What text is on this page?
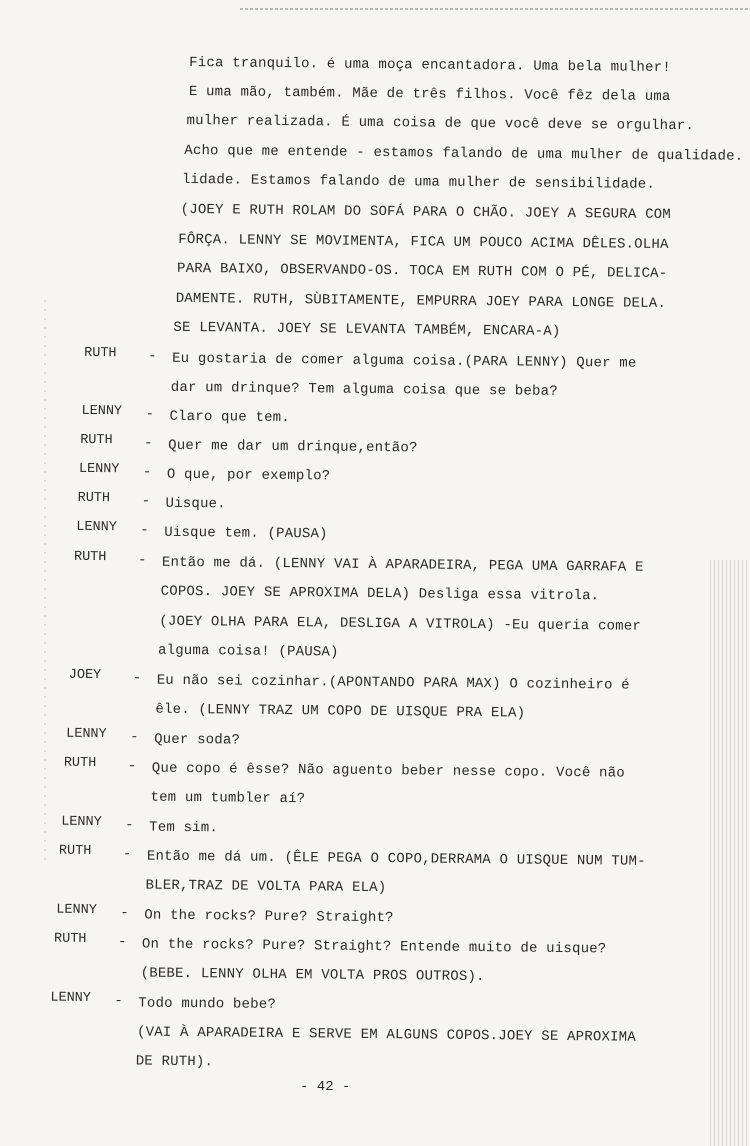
Fica tranquilo. é uma moça encantadora. Uma bela mulher!
E uma mão, também. Mãe de três filhos. Você fêz dela uma
mulher realizada. É uma coisa de que você deve se orgulhar.
Acho que me entende - estamos falando de uma mulher de qualidade.
lidade. Estamos falando de uma mulher de sensibilidade.
(JOEY E RUTH ROLAM DO SOFÁ PARA O CHÃO. JOEY A SEGURA COM
FÔRÇA. LENNY SE MOVIMENTA, FICA UM POUCO ACIMA DÊLES.OLHA
PARA BAIXO, OBSERVANDO-OS. TOCA EM RUTH COM O PÉ, DELICA-
DAMENTE. RUTH, SÙBITAMENTE, EMPURRA JOEY PARA LONGE DELA.
SE LEVANTA. JOEY SE LEVANTA TAMBÉM, ENCARA-A)
RUTH - Eu gostaria de comer alguma coisa.(PARA LENNY) Quer me
dar um drinque? Tem alguma coisa que se beba?
LENNY - Claro que tem.
RUTH - Quer me dar um drinque,então?
LENNY - O que, por exemplo?
RUTH - Uisque.
LENNY - Uisque tem. (PAUSA)
RUTH - Então me dá. (LENNY VAI À APARADEIRA, PEGA UMA GARRAFA E
COPOS. JOEY SE APROXIMA DELA) Desliga essa vitrola.
(JOEY OLHA PARA ELA, DESLIGA A VITROLA) -Eu queria comer
alguma coisa! (PAUSA)
JOEY - Eu não sei cozinhar.(APONTANDO PARA MAX) O cozinheiro é
êle. (LENNY TRAZ UM COPO DE UISQUE PRA ELA)
LENNY - Quer soda?
RUTH - Que copo é êsse? Não aguento beber nesse copo. Você não
tem um tumbler aí?
LENNY - Tem sim.
RUTH - Então me dá um. (ÊLE PEGA O COPO,DERRAMA O UISQUE NUM TUM-
BLER,TRAZ DE VOLTA PARA ELA)
LENNY - On the rocks? Pure? Straight?
RUTH - On the rocks? Pure? Straight? Entende muito de uisque?
(BEBE. LENNY OLHA EM VOLTA PROS OUTROS).
LENNY - Todo mundo bebe?
(VAI À APARADEIRA E SERVE EM ALGUNS COPOS.JOEY SE APROXIMA
DE RUTH).
- 42 -
